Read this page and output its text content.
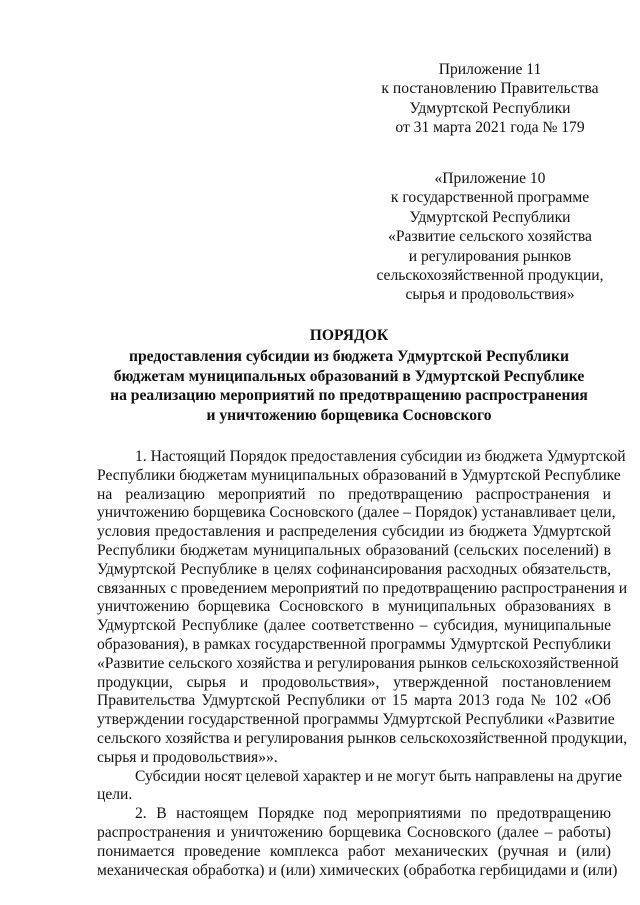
Приложение 11
к постановлению Правительства
Удмуртской Республики
от 31 марта 2021 года № 179
«Приложение 10
к государственной программе
Удмуртской Республики
«Развитие сельского хозяйства
и регулирования рынков
сельскохозяйственной продукции,
сырья и продовольствия»
ПОРЯДОК
предоставления субсидии из бюджета Удмуртской Республики
бюджетам муниципальных образований в Удмуртской Республике
на реализацию мероприятий по предотвращению распространения
и уничтожению борщевика Сосновского
1. Настоящий Порядок предоставления субсидии из бюджета Удмуртской
Республики бюджетам муниципальных образований в Удмуртской Республике
на реализацию мероприятий по предотвращению распространения и
уничтожению борщевика Сосновского (далее – Порядок) устанавливает цели,
условия предоставления и распределения субсидии из бюджета Удмуртской
Республики бюджетам муниципальных образований (сельских поселений) в
Удмуртской Республике в целях софинансирования расходных обязательств,
связанных с проведением мероприятий по предотвращению распространения и
уничтожению борщевика Сосновского в муниципальных образованиях в
Удмуртской Республике (далее соответственно – субсидия, муниципальные
образования), в рамках государственной программы Удмуртской Республики
«Развитие сельского хозяйства и регулирования рынков сельскохозяйственной
продукции, сырья и продовольствия», утвержденной постановлением
Правительства Удмуртской Республики от 15 марта 2013 года № 102 «Об
утверждении государственной программы Удмуртской Республики «Развитие
сельского хозяйства и регулирования рынков сельскохозяйственной продукции,
сырья и продовольствия»».
Субсидии носят целевой характер и не могут быть направлены на другие
цели.
2. В настоящем Порядке под мероприятиями по предотвращению
распространения и уничтожению борщевика Сосновского (далее – работы)
понимается проведение комплекса работ механических (ручная и (или)
механическая обработка) и (или) химических (обработка гербицидами и (или)
